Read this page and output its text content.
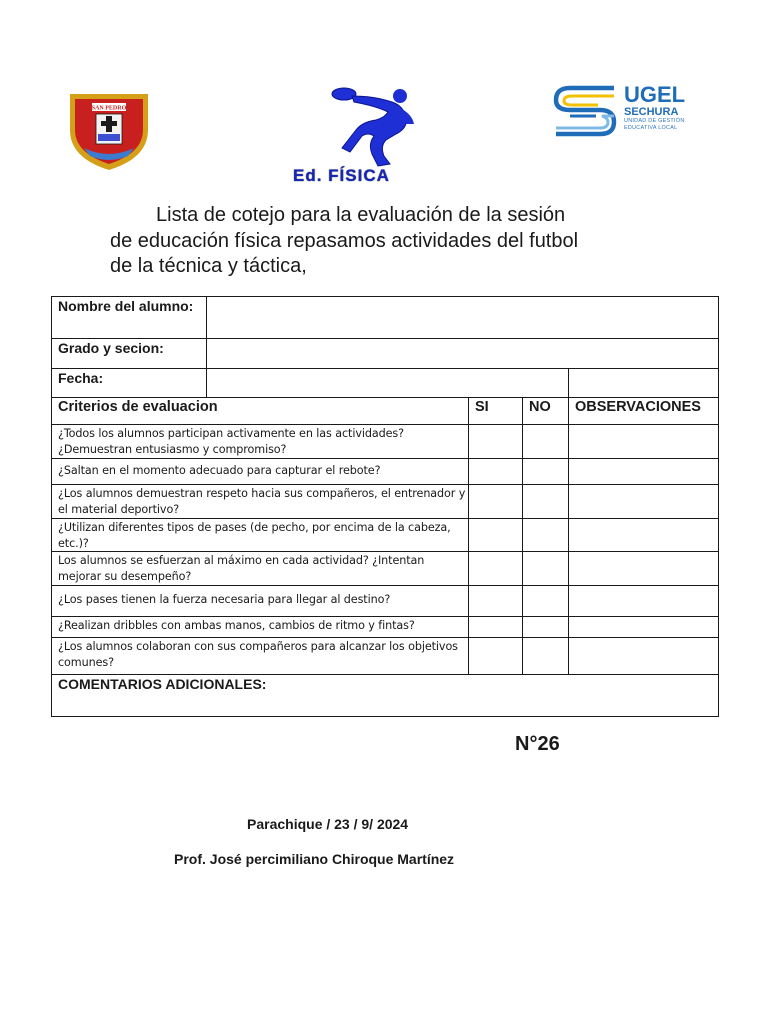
SAN PEDRO
Ed. FÍSICA
UGEL
SECHURA
UNIDAD DE GESTIÓN
EDUCATIVA LOCAL
Lista de cotejo para la evaluación de la sesión
de educación física repasamos actividades del futbol
de la técnica y táctica,
Nombre del alumno:				
Grado y secion:				
Fecha:				
Criterios de evaluacion		SI	NO	OBSERVACIONES
¿Todos los alumnos participan activamente en las actividades? ¿Demuestran entusiasmo y compromiso?				
¿Saltan en el momento adecuado para capturar el rebote?				
¿Los alumnos demuestran respeto hacia sus compañeros, el entrenador y el material deportivo?				
¿Utilizan diferentes tipos de pases (de pecho, por encima de la cabeza, etc.)?				
Los alumnos se esfuerzan al máximo en cada actividad? ¿Intentan mejorar su desempeño?				
¿Los pases tienen la fuerza necesaria para llegar al destino?				
¿Realizan dribbles con ambas manos, cambios de ritmo y fintas?				
¿Los alumnos colaboran con sus compañeros para alcanzar los objetivos comunes?				
COMENTARIOS ADICIONALES:				
N°26
Parachique / 23 / 9/ 2024
Prof. José percimiliano Chiroque Martínez
